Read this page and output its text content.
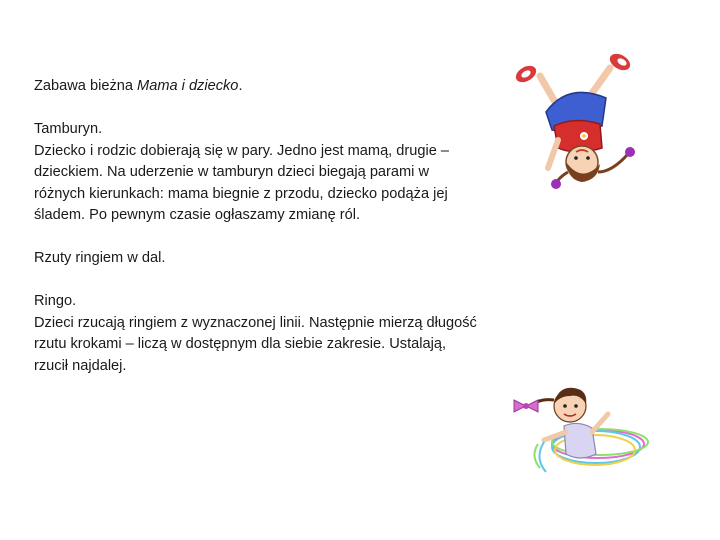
Zabawa bieżna Mama i dziecko.

Tamburyn.
Dziecko i rodzic dobierają się w pary. Jedno jest mamą, drugie –
dzieckiem. Na uderzenie w tamburyn dzieci biegają parami w
różnych kierunkach: mama biegnie z przodu, dziecko podąża jej
śladem. Po pewnym czasie ogłaszamy zmianę ról.

Rzuty ringiem w dal.

Ringo.
Dzieci rzucają ringiem z wyznaczonej linii. Następnie mierzą długość
rzutu krokami – liczą w dostępnym dla siebie zakresie. Ustalają,
rzucił najdalej.
